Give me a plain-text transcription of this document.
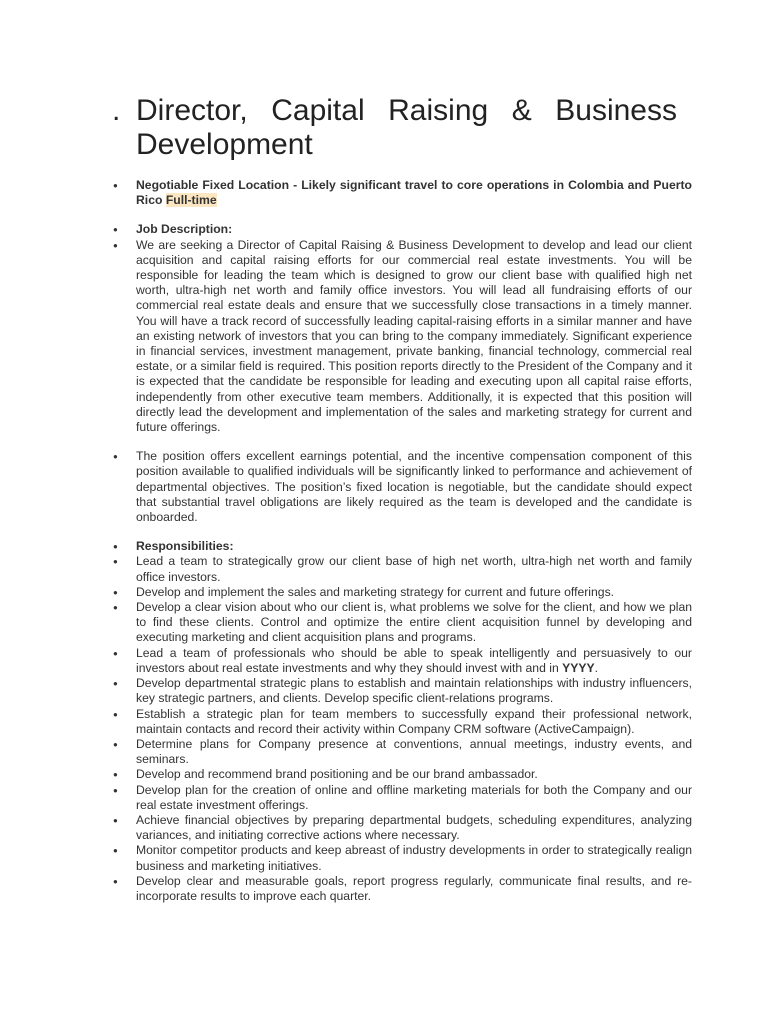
. Director, Capital Raising & Business
Development
● Negotiable Fixed Location - Likely significant travel to core operations in Colombia and Puerto Rico Full-time
● Job Description:
● We are seeking a Director of Capital Raising & Business Development to develop and lead our client acquisition and capital raising efforts for our commercial real estate investments. You will be responsible for leading the team which is designed to grow our client base with qualified high net worth, ultra-high net worth and family office investors. You will lead all fundraising efforts of our commercial real estate deals and ensure that we successfully close transactions in a timely manner. You will have a track record of successfully leading capital-raising efforts in a similar manner and have an existing network of investors that you can bring to the company immediately. Significant experience in financial services, investment management, private banking, financial technology, commercial real estate, or a similar field is required. This position reports directly to the President of the Company and it is expected that the candidate be responsible for leading and executing upon all capital raise efforts, independently from other executive team members. Additionally, it is expected that this position will directly lead the development and implementation of the sales and marketing strategy for current and future offerings.
● The position offers excellent earnings potential, and the incentive compensation component of this position available to qualified individuals will be significantly linked to performance and achievement of departmental objectives. The position’s fixed location is negotiable, but the candidate should expect that substantial travel obligations are likely required as the team is developed and the candidate is onboarded.
● Responsibilities:
● Lead a team to strategically grow our client base of high net worth, ultra-high net worth and family office investors.
● Develop and implement the sales and marketing strategy for current and future offerings.
● Develop a clear vision about who our client is, what problems we solve for the client, and how we plan to find these clients. Control and optimize the entire client acquisition funnel by developing and executing marketing and client acquisition plans and programs.
● Lead a team of professionals who should be able to speak intelligently and persuasively to our investors about real estate investments and why they should invest with and in YYYY.
● Develop departmental strategic plans to establish and maintain relationships with industry influencers, key strategic partners, and clients. Develop specific client-relations programs.
● Establish a strategic plan for team members to successfully expand their professional network, maintain contacts and record their activity within Company CRM software (ActiveCampaign).
● Determine plans for Company presence at conventions, annual meetings, industry events, and seminars.
● Develop and recommend brand positioning and be our brand ambassador.
● Develop plan for the creation of online and offline marketing materials for both the Company and our real estate investment offerings.
● Achieve financial objectives by preparing departmental budgets, scheduling expenditures, analyzing variances, and initiating corrective actions where necessary.
● Monitor competitor products and keep abreast of industry developments in order to strategically realign business and marketing initiatives.
● Develop clear and measurable goals, report progress regularly, communicate final results, and re-incorporate results to improve each quarter.
